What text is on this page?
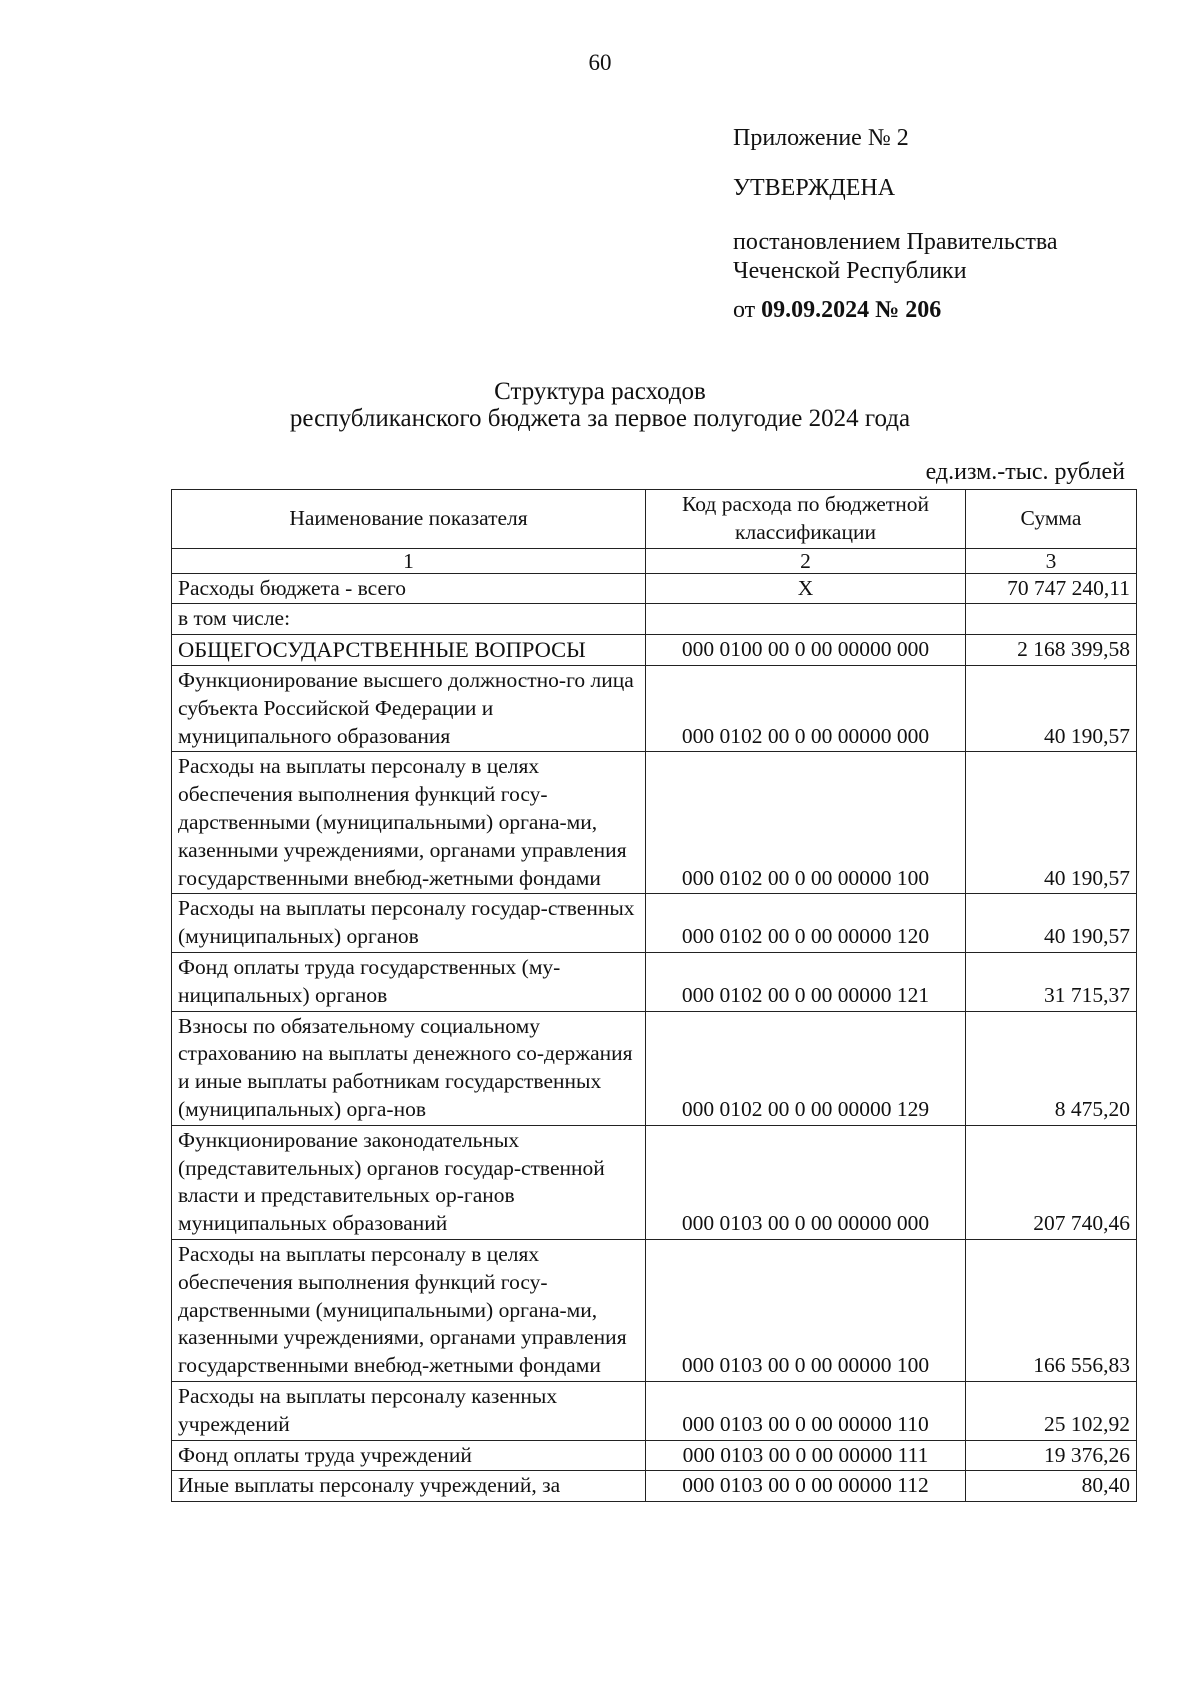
60

Приложение № 2

УТВЕРЖДЕНА

постановлением Правительства Чеченской Республики

от 09.09.2024 № 206
Структура расходов
республиканского бюджета за первое полугодие 2024 года
ед.изм.-тыс. рублей
Наименование показателя	Код расхода по бюджетной классификации	Сумма
1	2	3
Расходы бюджета - всего	Х	70 747 240,11
в том числе:		
ОБЩЕГОСУДАРСТВЕННЫЕ ВОПРОСЫ	000 0100 00 0 00 00000 000	2 168 399,58
Функционирование высшего должностно-го лица субъекта Российской Федерации и муниципального образования	000 0102 00 0 00 00000 000	40 190,57
Расходы на выплаты персоналу в целях обеспечения выполнения функций госу-дарственными (муниципальными) органа-ми, казенными учреждениями, органами управления государственными внебюд-жетными фондами	000 0102 00 0 00 00000 100	40 190,57
Расходы на выплаты персоналу государ-ственных (муниципальных) органов	000 0102 00 0 00 00000 120	40 190,57
Фонд оплаты труда государственных (му-ниципальных) органов	000 0102 00 0 00 00000 121	31 715,37
Взносы по обязательному социальному страхованию на выплаты денежного со-держания и иные выплаты работникам государственных (муниципальных) орга-нов	000 0102 00 0 00 00000 129	8 475,20
Функционирование законодательных (представительных) органов государ-ственной власти и представительных ор-ганов муниципальных образований	000 0103 00 0 00 00000 000	207 740,46
Расходы на выплаты персоналу в целях обеспечения выполнения функций госу-дарственными (муниципальными) органа-ми, казенными учреждениями, органами управления государственными внебюд-жетными фондами	000 0103 00 0 00 00000 100	166 556,83
Расходы на выплаты персоналу казенных учреждений	000 0103 00 0 00 00000 110	25 102,92
Фонд оплаты труда учреждений	000 0103 00 0 00 00000 111	19 376,26
Иные выплаты персоналу учреждений, за	000 0103 00 0 00 00000 112	80,40
